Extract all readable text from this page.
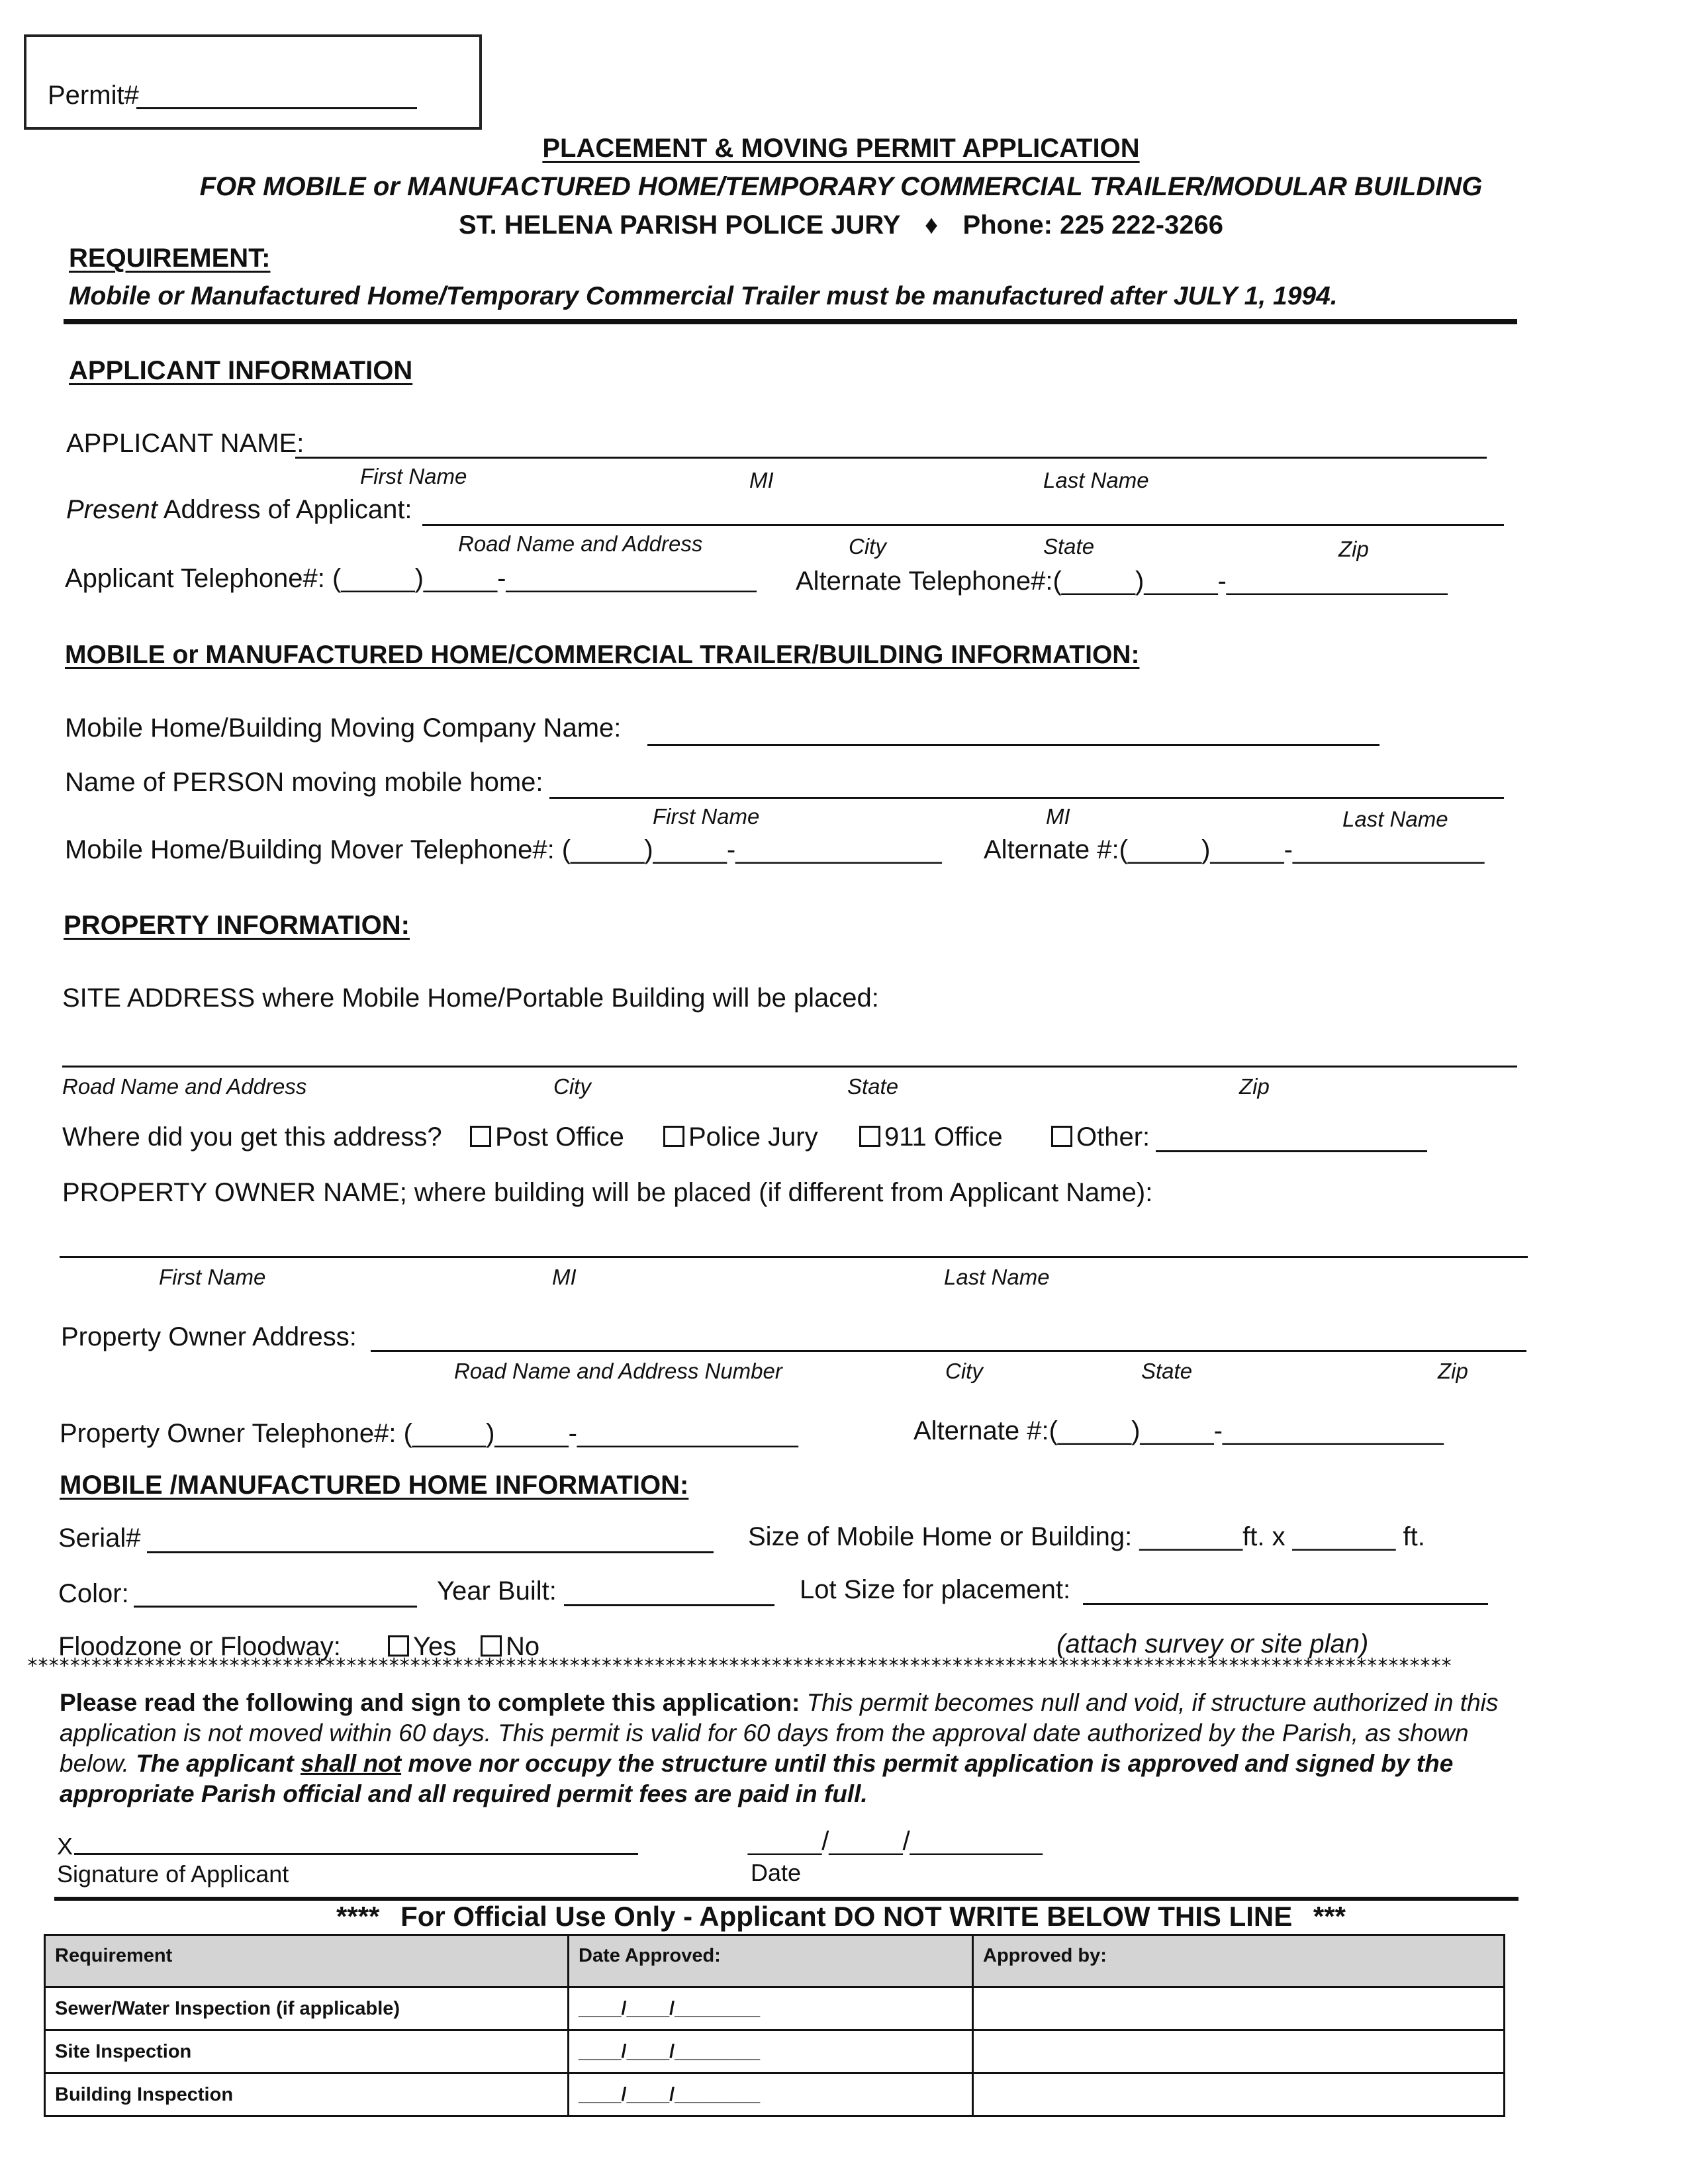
Permit#
PLACEMENT & MOVING PERMIT APPLICATION
FOR MOBILE or MANUFACTURED HOME/TEMPORARY COMMERCIAL TRAILER/MODULAR BUILDING
ST. HELENA PARISH POLICE JURY ♦ Phone: 225 222-3266
REQUIREMENT:
Mobile or Manufactured Home/Temporary Commercial Trailer must be manufactured after JULY 1, 1994.
APPLICANT INFORMATION
APPLICANT NAME:
First Name	MI	Last Name
Present Address of Applicant:
Road Name and Address	City	State	Zip
Applicant Telephone#: (_____)_____-_________________ Alternate Telephone#:(_____)_____-_______________
MOBILE or MANUFACTURED HOME/COMMERCIAL TRAILER/BUILDING INFORMATION:
Mobile Home/Building Moving Company Name:
Name of PERSON moving mobile home:
First Name	MI	Last Name
Mobile Home/Building Mover Telephone#: (_____)_____-______________ Alternate #:(_____)_____-_____________
PROPERTY INFORMATION:
SITE ADDRESS where Mobile Home/Portable Building will be placed:
Road Name and Address	City	State	Zip
Where did you get this address?	Post Office	Police Jury	911 Office	Other:
PROPERTY OWNER NAME; where building will be placed (if different from Applicant Name):
First Name	MI	Last Name
Property Owner Address:
Road Name and Address Number	City	State	Zip
Property Owner Telephone#: (_____)_____-_______________	Alternate #:(_____)_____-_______________
MOBILE /MANUFACTURED HOME INFORMATION:
Serial#	Size of Mobile Home or Building: _______ft. x _______ ft.
Color:	Year Built:	Lot Size for placement:
Floodzone or Floodway:	Yes	No	(attach survey or site plan)
**************************************************************************************************************************************
Please read the following and sign to complete this application: This permit becomes null and void, if structure authorized in this application is not moved within 60 days. This permit is valid for 60 days from the approval date authorized by the Parish, as shown below. The applicant shall not move nor occupy the structure until this permit application is approved and signed by the appropriate Parish official and all required permit fees are paid in full.
X
Signature of Applicant
_____/_____/_________
Date
**** For Official Use Only - Applicant DO NOT WRITE BELOW THIS LINE ***
Requirement	Date Approved:	Approved by:
Sewer/Water Inspection (if applicable)	____/____/________	
Site Inspection	____/____/________	
Building Inspection	____/____/________	
